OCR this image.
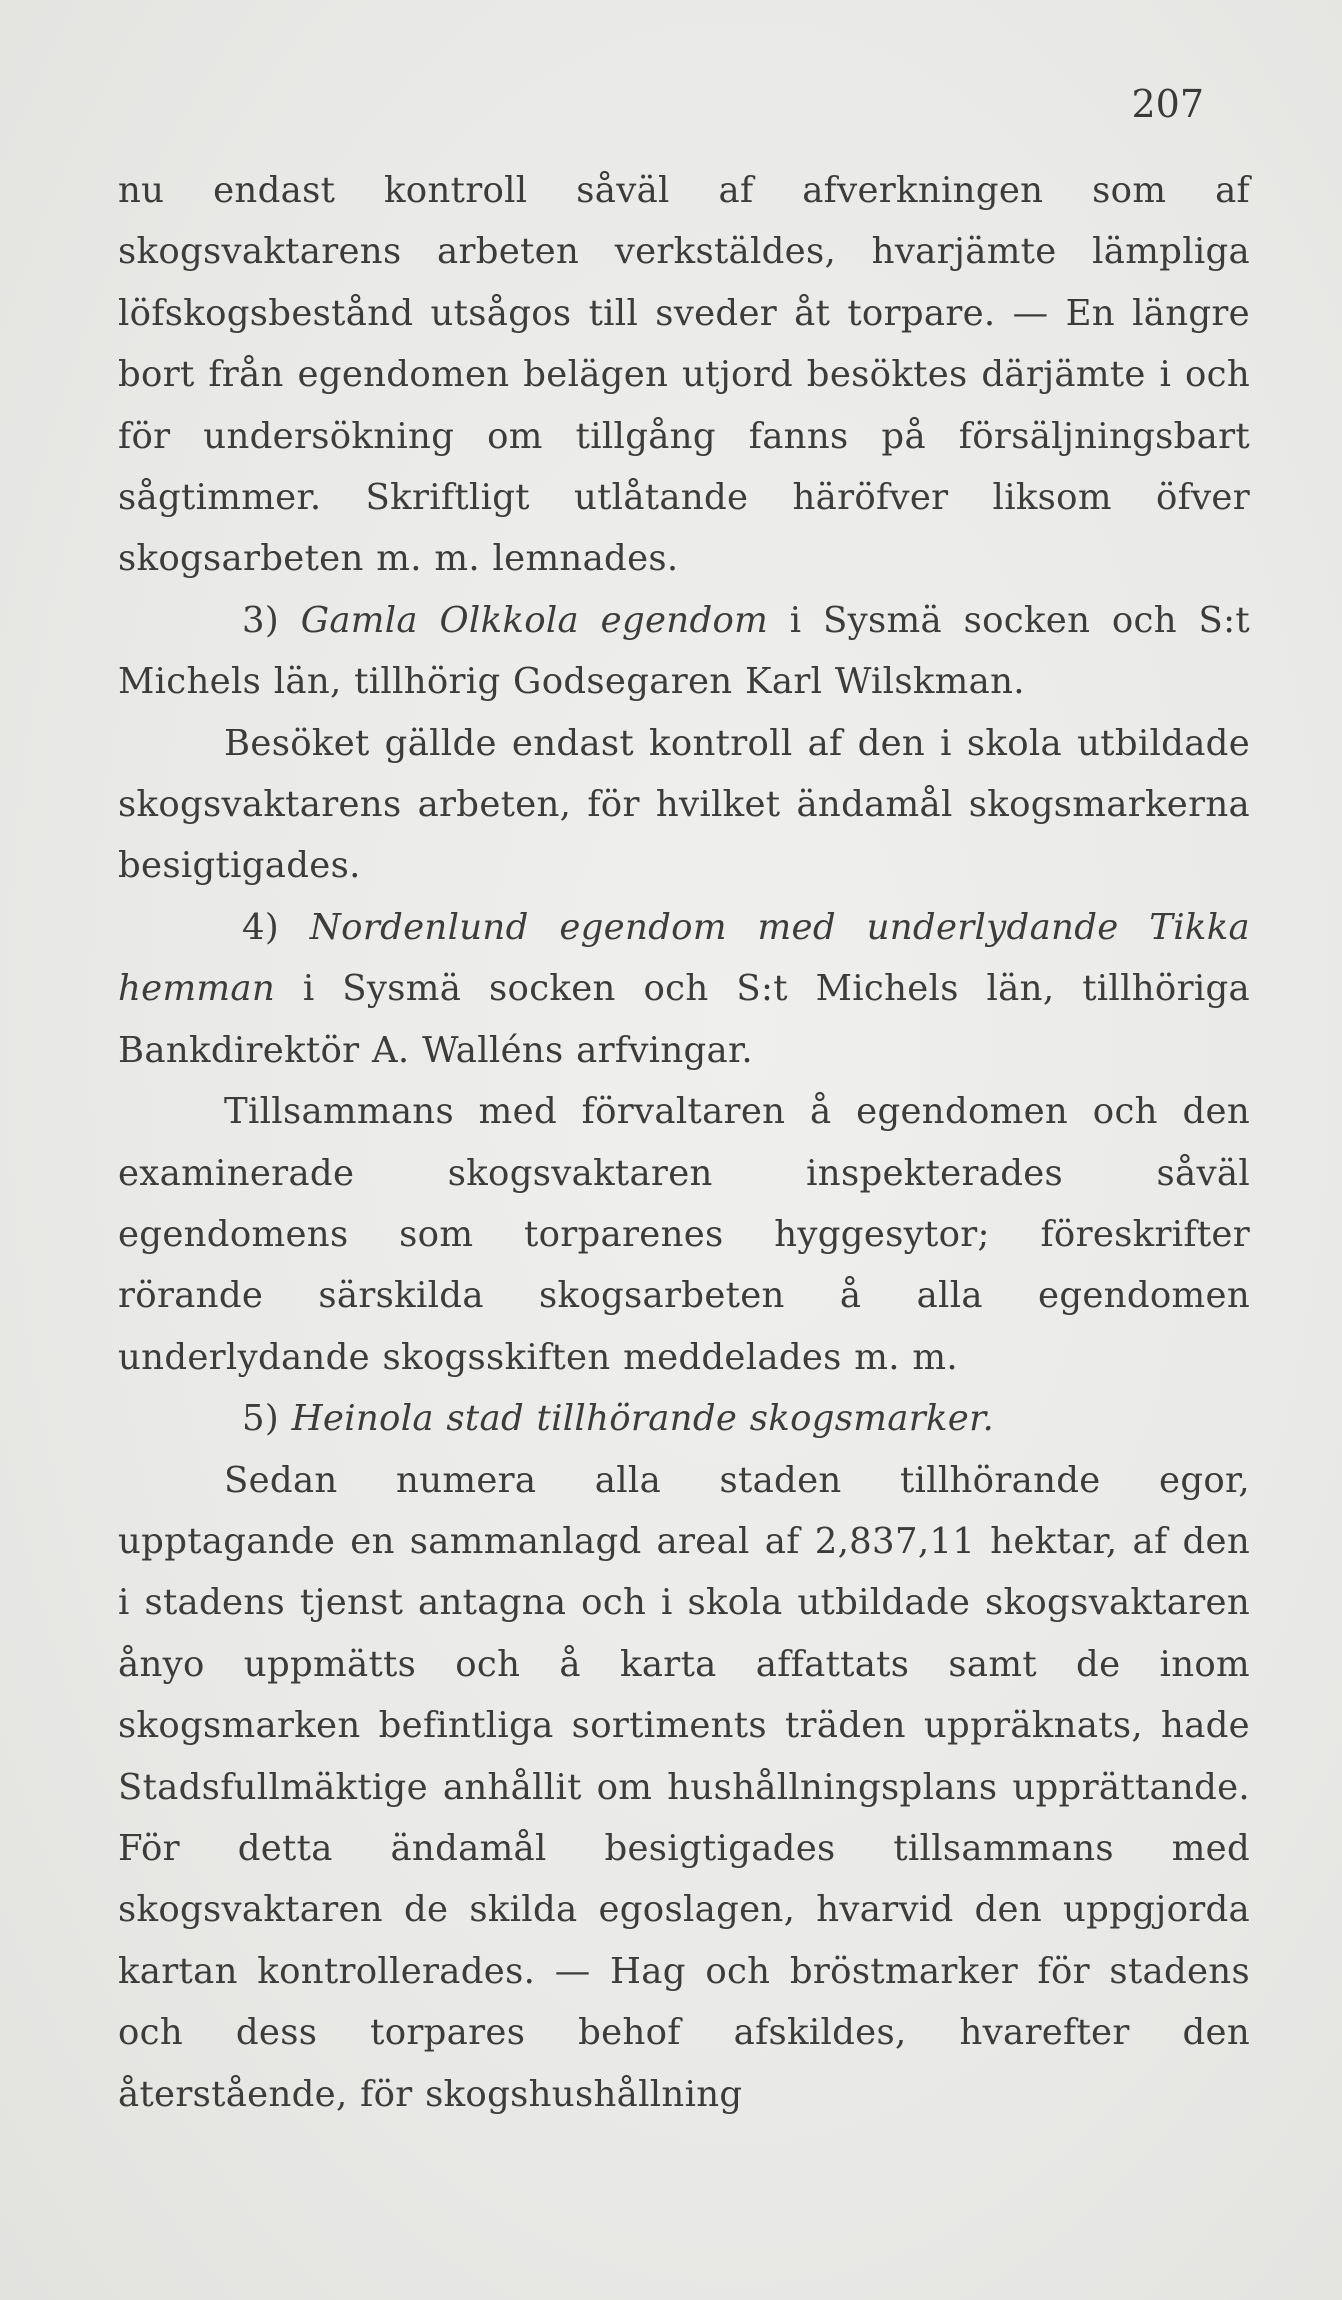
207

nu endast kontroll såväl af afverkningen som af skogsvaktarens arbeten verkstäldes, hvarjämte lämpliga löfskogsbestånd utsågos till sveder åt torpare. — En längre bort från egendomen belägen utjord besöktes därjämte i och för undersökning om tillgång fanns på försäljningsbart sågtimmer. Skriftligt utlåtande häröfver liksom öfver skogsarbeten m. m. lemnades.

3) Gamla Olkkola egendom i Sysmä socken och S:t Michels län, tillhörig Godsegaren Karl Wilskman.

Besöket gällde endast kontroll af den i skola utbildade skogsvaktarens arbeten, för hvilket ändamål skogsmarkerna besigtigades.

4) Nordenlund egendom med underlydande Tikka hemman i Sysmä socken och S:t Michels län, tillhöriga Bankdirektör A. Walléns arfvingar.

Tillsammans med förvaltaren å egendomen och den examinerade skogsvaktaren inspekterades såväl egendomens som torparenes hyggesytor; föreskrifter rörande särskilda skogsarbeten å alla egendomen underlydande skogsskiften meddelades m. m.

5) Heinola stad tillhörande skogsmarker.

Sedan numera alla staden tillhörande egor, upptagande en sammanlagd areal af 2,837,11 hektar, af den i stadens tjenst antagna och i skola utbildade skogsvaktaren ånyo uppmätts och å karta affattats samt de inom skogsmarken befintliga sortiments träden uppräknats, hade Stadsfullmäktige anhållit om hushållningsplans upprättande. För detta ändamål besigtigades tillsammans med skogsvaktaren de skilda egoslagen, hvarvid den uppgjorda kartan kontrollerades. — Hag och bröstmarker för stadens och dess torpares behof afskildes, hvarefter den återstående, för skogshushållning
